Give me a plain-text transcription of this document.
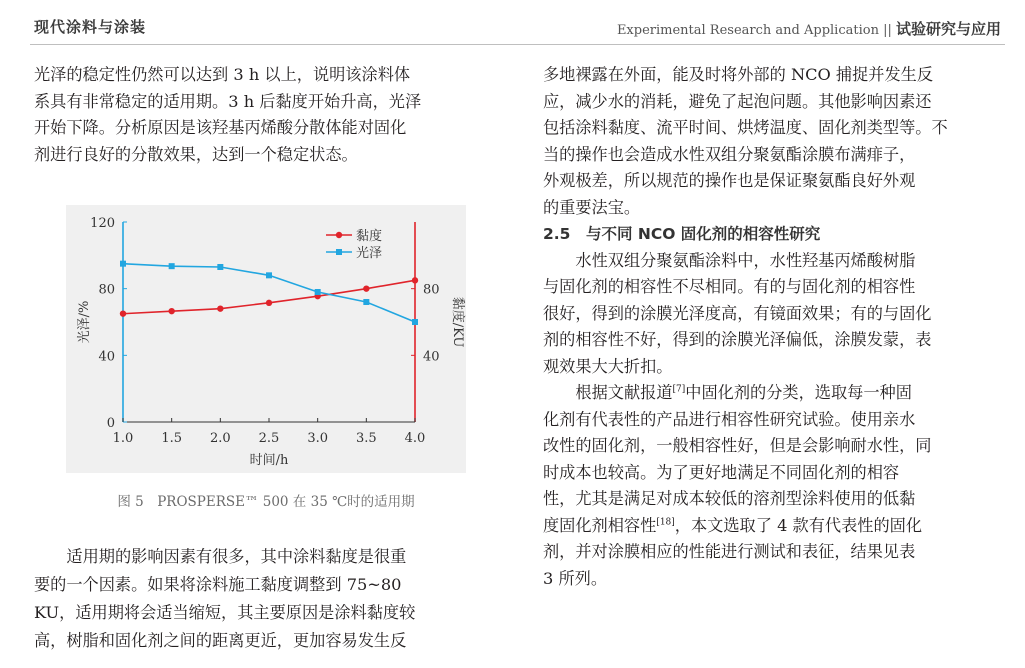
现代涂料与涂装	Experimental Research and Application || 试验研究与应用
光泽的稳定性仍然可以达到 3 h 以上，说明该涂料体
系具有非常稳定的适用期。3 h 后黏度开始升高，光泽
开始下降。分析原因是该羟基丙烯酸分散体能对固化
剂进行良好的分散效果，达到一个稳定状态。
0
40
80
120
40
80
1.0 1.5 2.0 2.5 3.0 3.5 4.0
时间/h
光泽/%	黏度/KU
黏度
光泽
图 5　PROSPERSE™ 500 在 35 ℃时的适用期
适用期的影响因素有很多，其中涂料黏度是很重
要的一个因素。如果将涂料施工黏度调整到 75~80
KU，适用期将会适当缩短，其主要原因是涂料黏度较
高，树脂和固化剂之间的距离更近，更加容易发生反
多地裸露在外面，能及时将外部的 NCO 捕捉并发生反
应，减少水的消耗，避免了起泡问题。其他影响因素还
包括涂料黏度、流平时间、烘烤温度、固化剂类型等。不
当的操作也会造成水性双组分聚氨酯涂膜布满痱子，
外观极差，所以规范的操作也是保证聚氨酯良好外观
的重要法宝。
2.5　与不同 NCO 固化剂的相容性研究
水性双组分聚氨酯涂料中，水性羟基丙烯酸树脂
与固化剂的相容性不尽相同。有的与固化剂的相容性
很好，得到的涂膜光泽度高，有镜面效果；有的与固化
剂的相容性不好，得到的涂膜光泽偏低，涂膜发蒙，表
观效果大大折扣。
根据文献报道[7]中固化剂的分类，选取每一种固
化剂有代表性的产品进行相容性研究试验。使用亲水
改性的固化剂，一般相容性好，但是会影响耐水性，同
时成本也较高。为了更好地满足不同固化剂的相容
性，尤其是满足对成本较低的溶剂型涂料使用的低黏
度固化剂相容性[18]，本文选取了 4 款有代表性的固化
剂，并对涂膜相应的性能进行测试和表征，结果见表
3 所列。
